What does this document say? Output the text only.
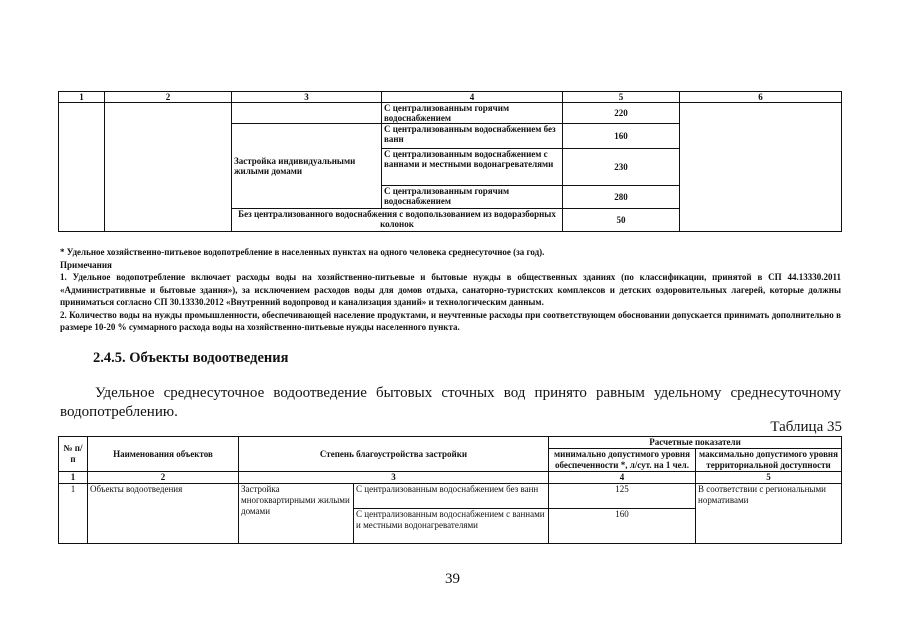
1	2	3	4	5	6
			С централизованным горячим водоснабжением	220	
		Застройка индивидуальными жилыми домами	С централизованным водоснабжением без ванн	160	
			С централизованным водоснабжением с ваннами и местными водонагревателями	230	
			С централизованным горячим водоснабжением	280	
		Без централизованного водоснабжения с водопользованием из водоразборных колонок		50	
* Удельное хозяйственно-питьевое водопотребление в населенных пунктах на одного человека среднесуточное (за год).
Примечания
1. Удельное водопотребление включает расходы воды на хозяйственно-питьевые и бытовые нужды в общественных зданиях (по классификации, принятой в СП 44.13330.2011 «Административные и бытовые здания»), за исключением расходов воды для домов отдыха, санаторно-туристских комплексов и детских оздоровительных лагерей, которые должны приниматься согласно СП 30.13330.2012 «Внутренний водопровод и канализация зданий» и технологическим данным.
2. Количество воды на нужды промышленности, обеспечивающей население продуктами, и неучтенные расходы при соответствующем обосновании допускается принимать дополнительно в размере 10-20 % суммарного расхода воды на хозяйственно-питьевые нужды населенного пункта.
2.4.5. Объекты водоотведения
Удельное среднесуточное водоотведение бытовых сточных вод принято равным удельному среднесуточному водопотреблению.
Таблица 35
№ п/п	Наименования объектов	Степень благоустройства застройки		Расчетные показатели	
				минимально допустимого уровня обеспеченности *, л/сут. на 1 чел.	максимально допустимого уровня территориальной доступности
1	2	3		4	5
1	Объекты водоотведения	Застройка многоквартирными жилыми домами	С централизованным водоснабжением без ванн	125	В соответствии с региональными нормативами
			С централизованным водоснабжением с ваннами и местными водонагревателями	160	
39
